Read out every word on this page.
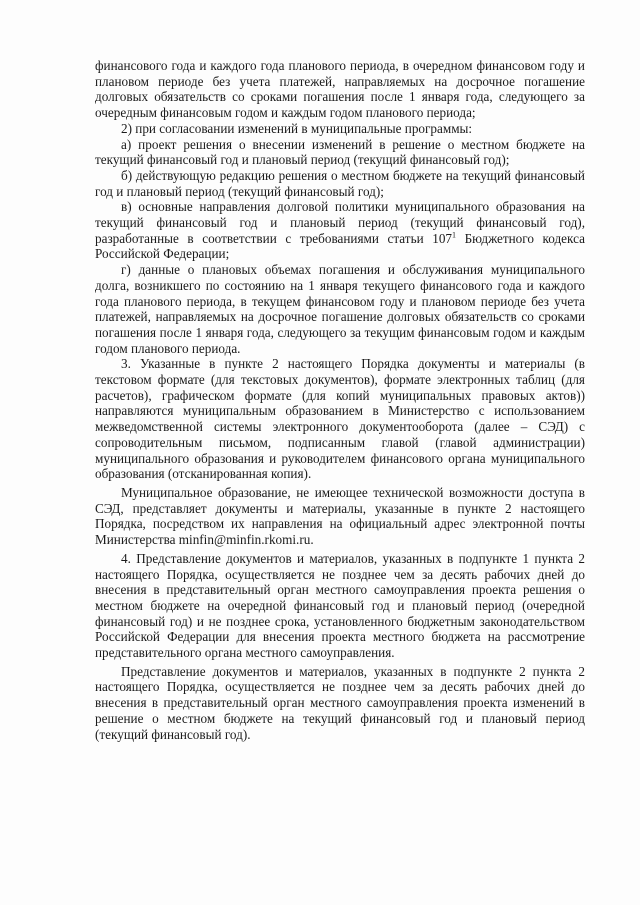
финансового года и каждого года планового периода, в очередном финансовом году и плановом периоде без учета платежей, направляемых на досрочное погашение долговых обязательств со сроками погашения после 1 января года, следующего за очередным финансовым годом и каждым годом планового периода;

2) при согласовании изменений в муниципальные программы:

а) проект решения о внесении изменений в решение о местном бюджете на текущий финансовый год и плановый период (текущий финансовый год);

б) действующую редакцию решения о местном бюджете на текущий финансовый год и плановый период (текущий финансовый год);

в) основные направления долговой политики муниципального образования на текущий финансовый год и плановый период (текущий финансовый год), разработанные в соответствии с требованиями статьи $107^1$ Бюджетного кодекса Российской Федерации;

г) данные о плановых объемах погашения и обслуживания муниципального долга, возникшего по состоянию на 1 января текущего финансового года и каждого года планового периода, в текущем финансовом году и плановом периоде без учета платежей, направляемых на досрочное погашение долговых обязательств со сроками погашения после 1 января года, следующего за текущим финансовым годом и каждым годом планового периода.

3. Указанные в пункте 2 настоящего Порядка документы и материалы (в текстовом формате (для текстовых документов), формате электронных таблиц (для расчетов), графическом формате (для копий муниципальных правовых актов)) направляются муниципальным образованием в Министерство с использованием межведомственной системы электронного документооборота (далее – СЭД) с сопроводительным письмом, подписанным главой (главой администрации) муниципального образования и руководителем финансового органа муниципального образования (отсканированная копия).

Муниципальное образование, не имеющее технической возможности доступа в СЭД, представляет документы и материалы, указанные в пункте 2 настоящего Порядка, посредством их направления на официальный адрес электронной почты Министерства minfin@minfin.rkomi.ru.

4. Представление документов и материалов, указанных в подпункте 1 пункта 2 настоящего Порядка, осуществляется не позднее чем за десять рабочих дней до внесения в представительный орган местного самоуправления проекта решения о местном бюджете на очередной финансовый год и плановый период (очередной финансовый год) и не позднее срока, установленного бюджетным законодательством Российской Федерации для внесения проекта местного бюджета на рассмотрение представительного органа местного самоуправления.

Представление документов и материалов, указанных в подпункте 2 пункта 2 настоящего Порядка, осуществляется не позднее чем за десять рабочих дней до внесения в представительный орган местного самоуправления проекта изменений в решение о местном бюджете на текущий финансовый год и плановый период (текущий финансовый год).
